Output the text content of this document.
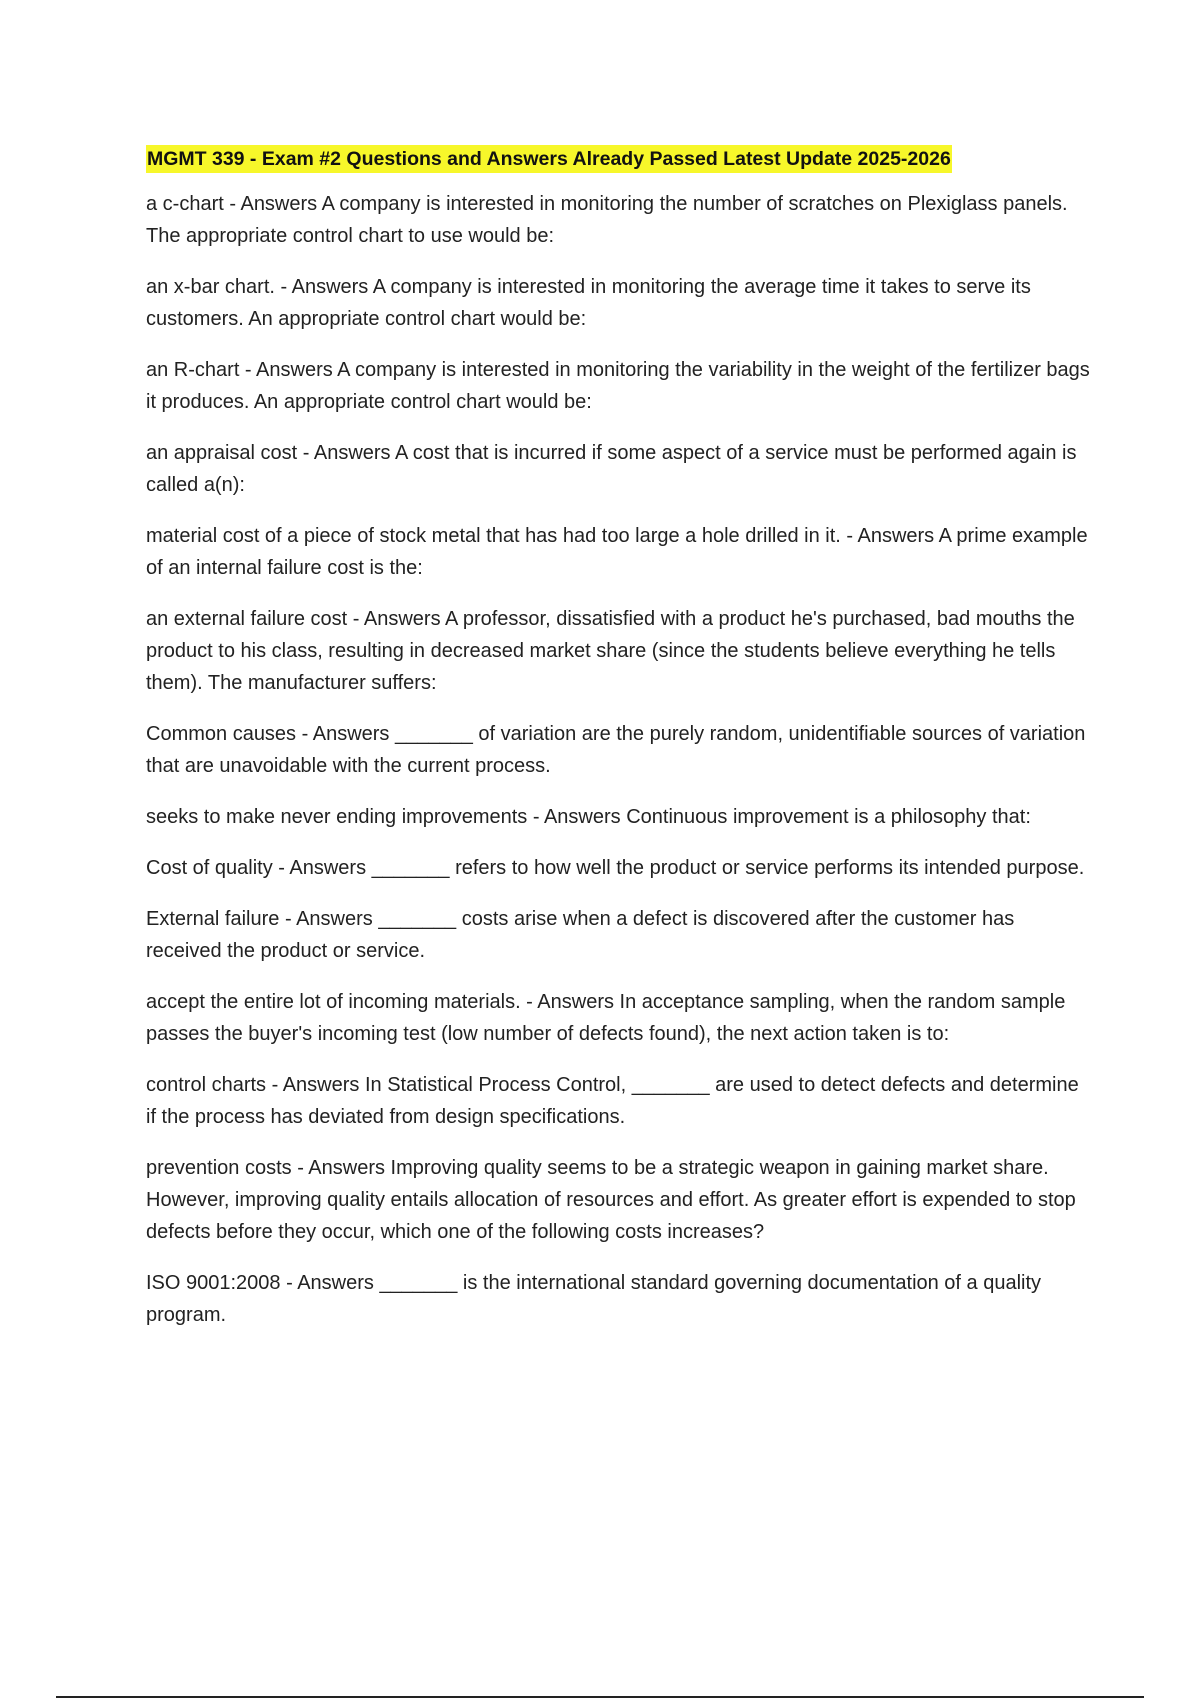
MGMT 339 - Exam #2 Questions and Answers Already Passed Latest Update 2025-2026

a c-chart - Answers A company is interested in monitoring the number of scratches on Plexiglass panels. The appropriate control chart to use would be:

an x-bar chart. - Answers A company is interested in monitoring the average time it takes to serve its customers. An appropriate control chart would be:

an R-chart - Answers A company is interested in monitoring the variability in the weight of the fertilizer bags it produces. An appropriate control chart would be:

an appraisal cost - Answers A cost that is incurred if some aspect of a service must be performed again is called a(n):

material cost of a piece of stock metal that has had too large a hole drilled in it. - Answers A prime example of an internal failure cost is the:

an external failure cost - Answers A professor, dissatisfied with a product he's purchased, bad mouths the product to his class, resulting in decreased market share (since the students believe everything he tells them). The manufacturer suffers:

Common causes - Answers _______ of variation are the purely random, unidentifiable sources of variation that are unavoidable with the current process.

seeks to make never ending improvements - Answers Continuous improvement is a philosophy that:

Cost of quality - Answers _______ refers to how well the product or service performs its intended purpose.

External failure - Answers _______ costs arise when a defect is discovered after the customer has received the product or service.

accept the entire lot of incoming materials. - Answers In acceptance sampling, when the random sample passes the buyer's incoming test (low number of defects found), the next action taken is to:

control charts - Answers In Statistical Process Control, _______ are used to detect defects and determine if the process has deviated from design specifications.

prevention costs - Answers Improving quality seems to be a strategic weapon in gaining market share. However, improving quality entails allocation of resources and effort. As greater effort is expended to stop defects before they occur, which one of the following costs increases?

ISO 9001:2008 - Answers _______ is the international standard governing documentation of a quality program.
